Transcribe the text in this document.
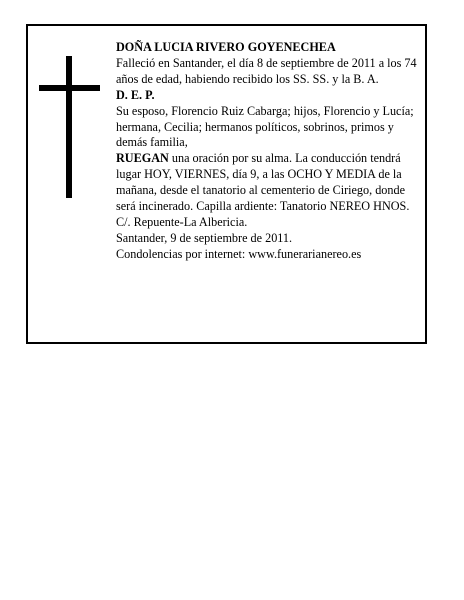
DOÑA LUCIA RIVERO GOYENECHEA

Falleció en Santander, el día 8 de septiembre de 2011 a los 74 años de edad, habiendo recibido los SS. SS. y la B. A.

D. E. P.

Su esposo, Florencio Ruiz Cabarga; hijos, Florencio y Lucía; hermana, Cecilia; hermanos políticos, sobrinos, primos y demás familia,

RUEGAN una oración por su alma. La conducción tendrá lugar HOY, VIERNES, día 9, a las OCHO Y MEDIA de la mañana, desde el tanatorio al cementerio de Ciriego, donde será incinerado. Capilla ardiente: Tanatorio NEREO HNOS. C/. Repuente-La Albericia.

Santander, 9 de septiembre de 2011.

Condolencias por internet: www.funerarianereo.es
